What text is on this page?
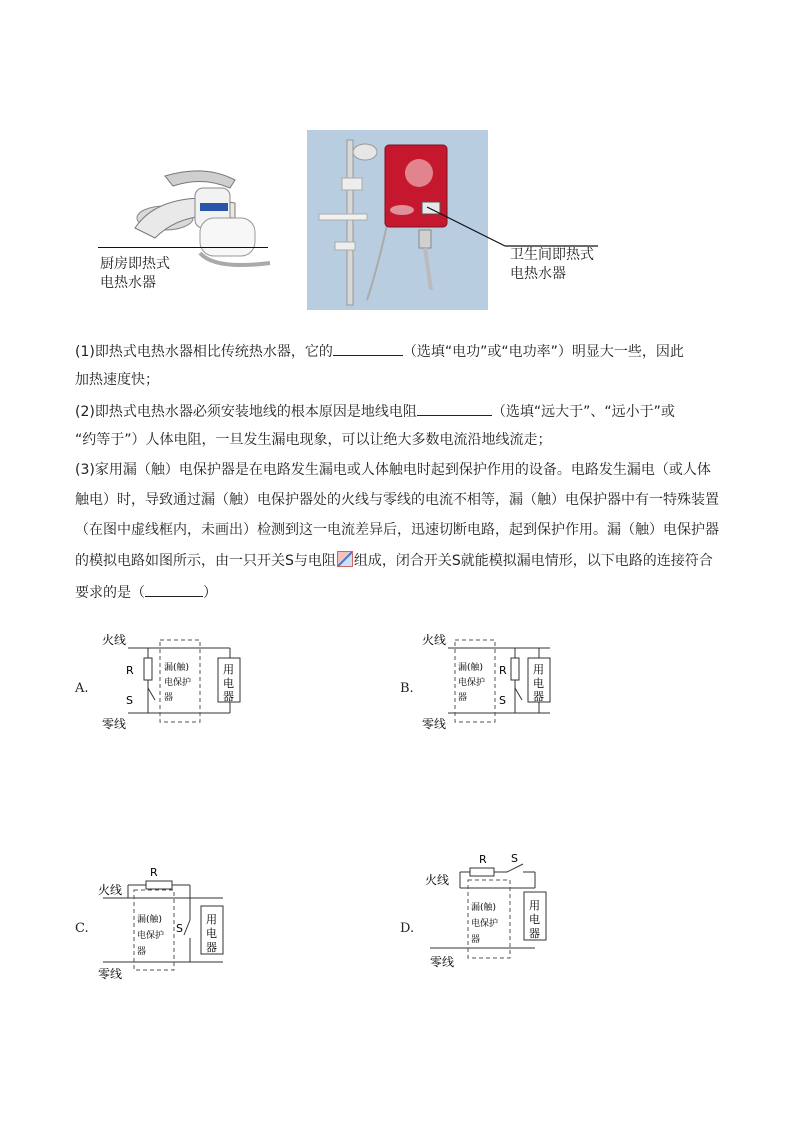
厨房即热式
电热水器
卫生间即热式
电热水器
(1)即热式电热水器相比传统热水器，它的	（选填“电功”或“电功率”）明显大一些，因此
加热速度快；
(2)即热式电热水器必须安装地线的根本原因是地线电阻	（选填“远大于”、“远小于”或
“约等于”）人体电阻，一旦发生漏电现象，可以让绝大多数电流沿地线流走；
(3)家用漏（触）电保护器是在电路发生漏电或人体触电时起到保护作用的设备。电路发生漏电（或人体
触电）时，导致通过漏（触）电保护器处的火线与零线的电流不相等，漏（触）电保护器中有一特殊装置
（在图中虚线框内，未画出）检测到这一电流差异后，迅速切断电路，起到保护作用。漏（触）电保护器
的模拟电路如图所示，由一只开关S与电阻 组成，闭合开关S就能模拟漏电情形，以下电路的连接符合
要求的是（	）
A.
火线
零线
R
S
漏(触)
电保护
器
用
电
器
B.
火线
零线
R
S
漏(触)
电保护
器
用
电
器
C.
R
S
火线
零线
漏(触)
电保护
器
用
电
器
D.
R S
火线
零线
漏(触)
电保护
器
用
电
器
